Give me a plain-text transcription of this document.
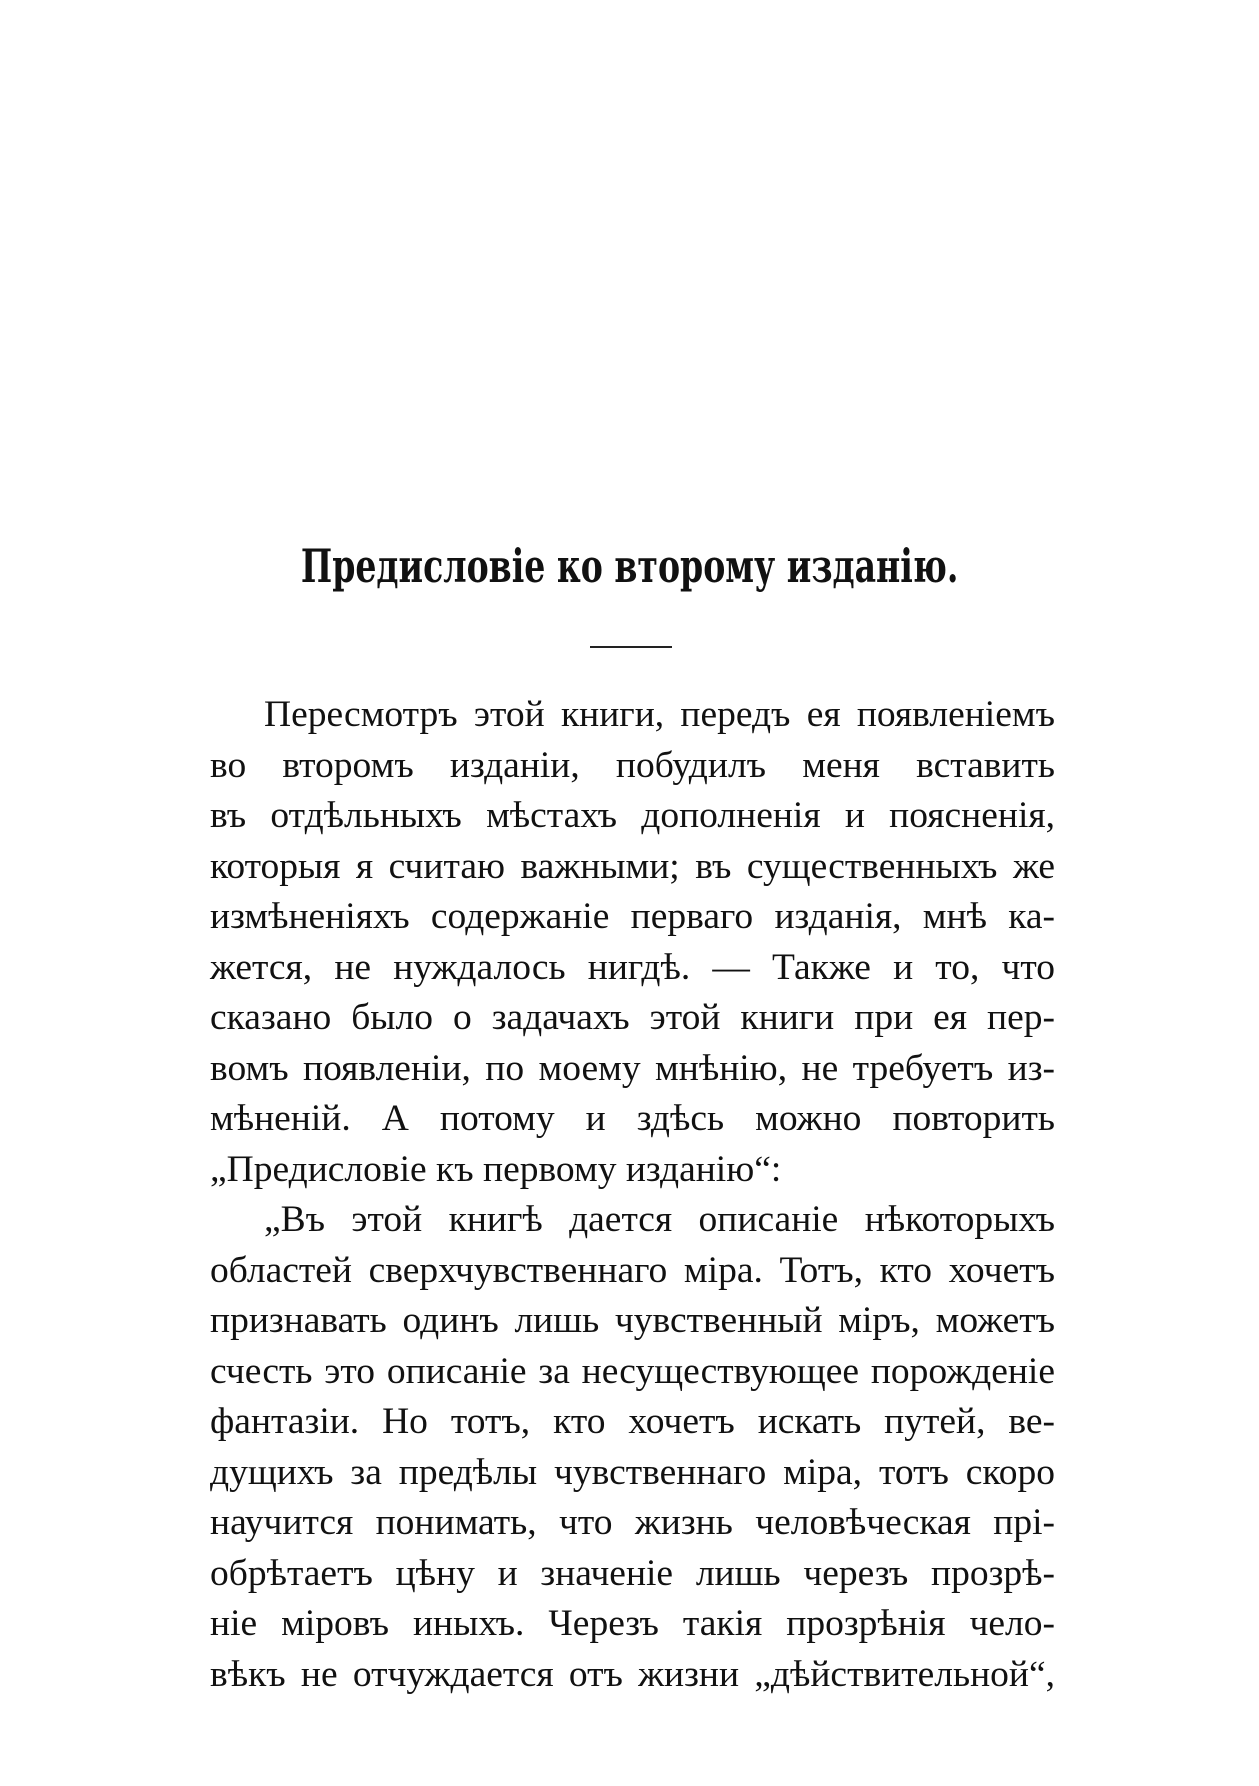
Предисловіе ко второму изданію.
Пересмотръ этой книги, передъ ея появленіемъ
во второмъ изданіи, побудилъ меня вставить
въ отдѣльныхъ мѣстахъ дополненія и поясненія,
которыя я считаю важными; въ существенныхъ же
измѣненіяхъ содержаніе перваго изданія, мнѣ ка-
жется, не нуждалось нигдѣ. — Также и то, что
сказано было о задачахъ этой книги при ея пер-
вомъ появленіи, по моему мнѣнію, не требуетъ из-
мѣненій. А потому и здѣсь можно повторить
„Предисловіе къ первому изданію“:
„Въ этой книгѣ дается описаніе нѣкоторыхъ
областей сверхчувственнаго міра. Тотъ, кто хочетъ
признавать одинъ лишь чувственный міръ, можетъ
счесть это описаніе за несуществующее порожденіе
фантазіи. Но тотъ, кто хочетъ искать путей, ве-
дущихъ за предѣлы чувственнаго міра, тотъ скоро
научится понимать, что жизнь человѣческая прі-
обрѣтаетъ цѣну и значеніе лишь черезъ прозрѣ-
ніе міровъ иныхъ. Черезъ такія прозрѣнія чело-
вѣкъ не отчуждается отъ жизни „дѣйствительной“,
